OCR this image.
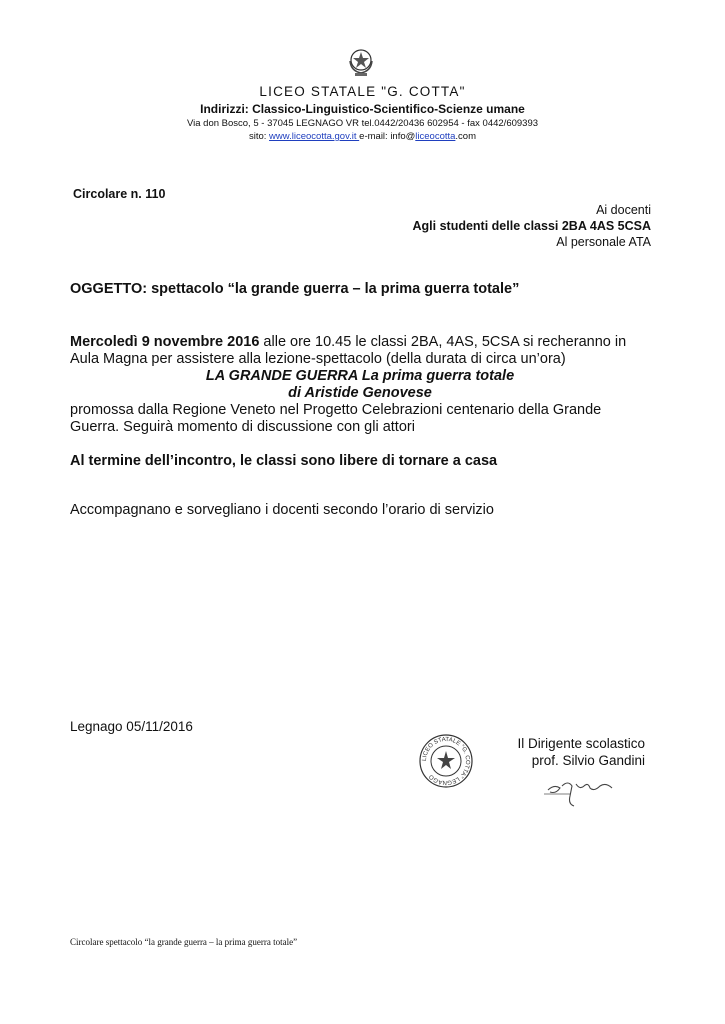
LICEO STATALE "G. COTTA"
Indirizzi: Classico-Linguistico-Scientifico-Scienze umane
Via don Bosco, 5 - 37045 LEGNAGO VR tel.0442/20436 602954 - fax 0442/609393
sito: www.liceocotta.gov.it e-mail: info@liceocotta.com
Circolare n. 110
Ai docenti
Agli studenti delle classi 2BA 4AS 5CSA
Al personale ATA
OGGETTO: spettacolo “la grande guerra – la prima guerra totale”
Mercoledì 9 novembre 2016 alle ore 10.45 le classi 2BA, 4AS, 5CSA si recheranno in
Aula Magna per assistere alla lezione-spettacolo (della durata di circa un’ora)
LA GRANDE GUERRA La prima guerra totale
di Aristide Genovese
promossa dalla Regione Veneto nel Progetto Celebrazioni centenario della Grande
Guerra. Seguirà momento di discussione con gli attori
Al termine dell’incontro, le classi sono libere di tornare a casa
Accompagnano e sorvegliano i docenti secondo l’orario di servizio
Legnago 05/11/2016
LICEO STATALE "G. COTTA" LEGNAGO
Il Dirigente scolastico
prof. Silvio Gandini
Circolare spettacolo “la grande guerra – la prima guerra totale”
